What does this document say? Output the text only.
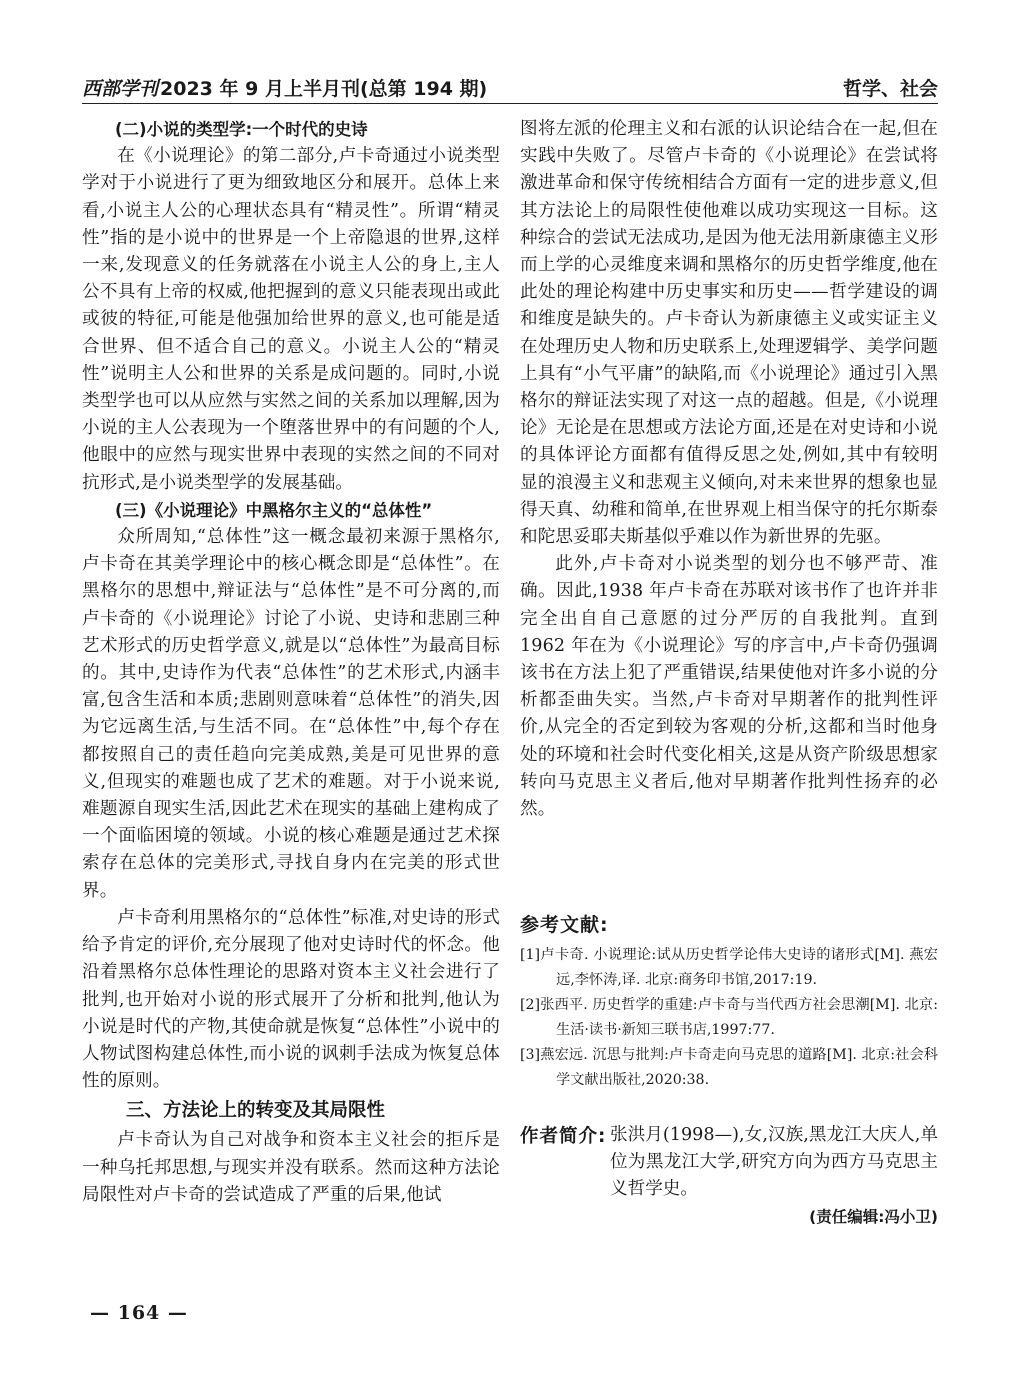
西部学刊 2023 年 9 月上半月刊(总第 194 期)	哲学、社会

(二)小说的类型学:一个时代的史诗

在《小说理论》的第二部分,卢卡奇通过小说类型学对于小说进行了更为细致地区分和展开。总体上来看,小说主人公的心理状态具有“精灵性”。所谓“精灵性”指的是小说中的世界是一个上帝隐退的世界,这样一来,发现意义的任务就落在小说主人公的身上,主人公不具有上帝的权威,他把握到的意义只能表现出或此或彼的特征,可能是他强加给世界的意义,也可能是适合世界、但不适合自己的意义。小说主人公的“精灵性”说明主人公和世界的关系是成问题的。同时,小说类型学也可以从应然与实然之间的关系加以理解,因为小说的主人公表现为一个堕落世界中的有问题的个人,他眼中的应然与现实世界中表现的实然之间的不同对抗形式,是小说类型学的发展基础。

(三)《小说理论》中黑格尔主义的“总体性”

众所周知,“总体性”这一概念最初来源于黑格尔,卢卡奇在其美学理论中的核心概念即是“总体性”。在黑格尔的思想中,辩证法与“总体性”是不可分离的,而卢卡奇的《小说理论》讨论了小说、史诗和悲剧三种艺术形式的历史哲学意义,就是以“总体性”为最高目标的。其中,史诗作为代表“总体性”的艺术形式,内涵丰富,包含生活和本质;悲剧则意味着“总体性”的消失,因为它远离生活,与生活不同。在“总体性”中,每个存在都按照自己的责任趋向完美成熟,美是可见世界的意义,但现实的难题也成了艺术的难题。对于小说来说,难题源自现实生活,因此艺术在现实的基础上建构成了一个面临困境的领域。小说的核心难题是通过艺术探索存在总体的完美形式,寻找自身内在完美的形式世界。

卢卡奇利用黑格尔的“总体性”标准,对史诗的形式给予肯定的评价,充分展现了他对史诗时代的怀念。他沿着黑格尔总体性理论的思路对资本主义社会进行了批判,也开始对小说的形式展开了分析和批判,他认为小说是时代的产物,其使命就是恢复“总体性”小说中的人物试图构建总体性,而小说的讽刺手法成为恢复总体性的原则。

三、方法论上的转变及其局限性

卢卡奇认为自己对战争和资本主义社会的拒斥是一种乌托邦思想,与现实并没有联系。然而这种方法论局限性对卢卡奇的尝试造成了严重的后果,他试

图将左派的伦理主义和右派的认识论结合在一起,但在实践中失败了。尽管卢卡奇的《小说理论》在尝试将激进革命和保守传统相结合方面有一定的进步意义,但其方法论上的局限性使他难以成功实现这一目标。这种综合的尝试无法成功,是因为他无法用新康德主义形而上学的心灵维度来调和黑格尔的历史哲学维度,他在此处的理论构建中历史事实和历史——哲学建设的调和维度是缺失的。卢卡奇认为新康德主义或实证主义在处理历史人物和历史联系上,处理逻辑学、美学问题上具有“小气平庸”的缺陷,而《小说理论》通过引入黑格尔的辩证法实现了对这一点的超越。但是,《小说理论》无论是在思想或方法论方面,还是在对史诗和小说的具体评论方面都有值得反思之处,例如,其中有较明显的浪漫主义和悲观主义倾向,对未来世界的想象也显得天真、幼稚和简单,在世界观上相当保守的托尔斯泰和陀思妥耶夫斯基似乎难以作为新世界的先驱。

此外,卢卡奇对小说类型的划分也不够严苛、准确。因此,1938 年卢卡奇在苏联对该书作了也许并非完全出自自己意愿的过分严厉的自我批判。直到 1962 年在为《小说理论》写的序言中,卢卡奇仍强调该书在方法上犯了严重错误,结果使他对许多小说的分析都歪曲失实。当然,卢卡奇对早期著作的批判性评价,从完全的否定到较为客观的分析,这都和当时他身处的环境和社会时代变化相关,这是从资产阶级思想家转向马克思主义者后,他对早期著作批判性扬弃的必然。

参考文献:

[1]卢卡奇. 小说理论:试从历史哲学论伟大史诗的诸形式[M]. 燕宏远,李怀涛,译. 北京:商务印书馆,2017:19.

[2]张西平. 历史哲学的重建:卢卡奇与当代西方社会思潮[M]. 北京:生活·读书·新知三联书店,1997:77.

[3]燕宏远. 沉思与批判:卢卡奇走向马克思的道路[M]. 北京:社会科学文献出版社,2020:38.

作者简介: 张洪月(1998—),女,汉族,黑龙江大庆人,单位为黑龙江大学,研究方向为西方马克思主义哲学史。
(责任编辑:冯小卫)
— 164 —
